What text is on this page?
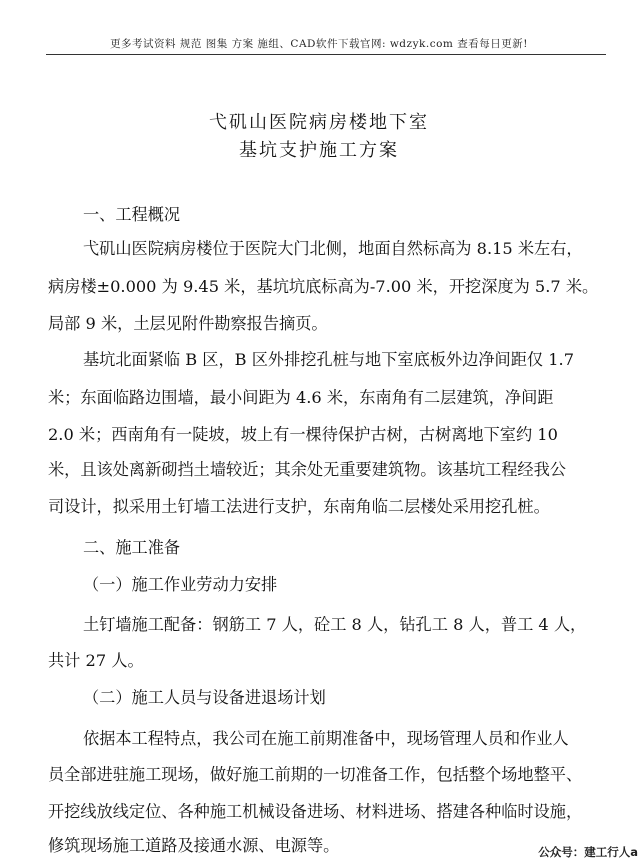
更多考试资料 规范 图集 方案 施组、CAD软件下载官网: wdzyk.com 查看每日更新!
弋矶山医院病房楼地下室
基坑支护施工方案
一、工程概况
弋矶山医院病房楼位于医院大门北侧，地面自然标高为 8.15 米左右，
病房楼±0.000 为 9.45 米，基坑坑底标高为-7.00 米，开挖深度为 5.7 米。
局部 9 米，土层见附件勘察报告摘页。
基坑北面紧临 B 区，B 区外排挖孔桩与地下室底板外边净间距仅 1.7
米；东面临路边围墙，最小间距为 4.6 米，东南角有二层建筑，净间距
2.0 米；西南角有一陡坡，坡上有一棵待保护古树，古树离地下室约 10
米，且该处离新砌挡土墙较近；其余处无重要建筑物。该基坑工程经我公
司设计，拟采用土钉墙工法进行支护，东南角临二层楼处采用挖孔桩。
二、施工准备
（一）施工作业劳动力安排
土钉墙施工配备：钢筋工 7 人，砼工 8 人，钻孔工 8 人，普工 4 人，
共计 27 人。
（二）施工人员与设备进退场计划
依据本工程特点，我公司在施工前期准备中，现场管理人员和作业人
员全部进驻施工现场，做好施工前期的一切准备工作，包括整个场地整平、
开挖线放线定位、各种施工机械设备进场、材料进场、搭建各种临时设施，
修筑现场施工道路及接通水源、电源等。	公众号：建工行人a
